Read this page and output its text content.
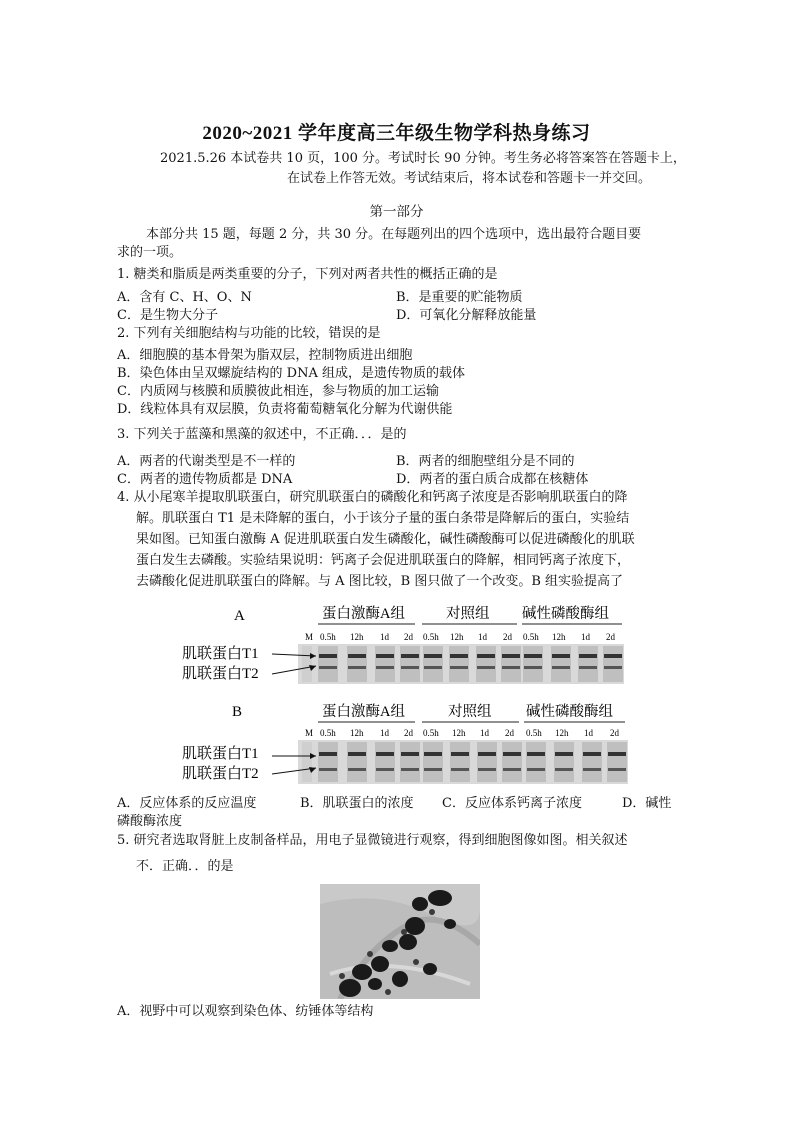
2020~2021 学年度高三年级生物学科热身练习
2021.5.26 本试卷共 10 页，100 分。考试时长 90 分钟。考生务必将答案答在答题卡上，
在试卷上作答无效。考试结束后，将本试卷和答题卡一并交回。
第一部分
本部分共 15 题，每题 2 分，共 30 分。在每题列出的四个选项中，选出最符合题目要
求的一项。
1. 糖类和脂质是两类重要的分子，下列对两者共性的概括正确的是
A．含有 C、H、O、N	B．是重要的贮能物质
C．是生物大分子	D．可氧化分解释放能量
2. 下列有关细胞结构与功能的比较，错误的是
A．细胞膜的基本骨架为脂双层，控制物质进出细胞
B．染色体由呈双螺旋结构的 DNA 组成，是遗传物质的载体
C．内质网与核膜和质膜彼此相连，参与物质的加工运输
D．线粒体具有双层膜，负责将葡萄糖氧化分解为代谢供能
3. 下列关于蓝藻和黑藻的叙述中，不正确．．．是的
A．两者的代谢类型是不一样的	B．两者的细胞壁组分是不同的
C．两者的遗传物质都是 DNA	D．两者的蛋白质合成都在核糖体
4. 从小尾寒羊提取肌联蛋白，研究肌联蛋白的磷酸化和钙离子浓度是否影响肌联蛋白的降
解。肌联蛋白 T1 是未降解的蛋白，小于该分子量的蛋白条带是降解后的蛋白，实验结
果如图。已知蛋白激酶 A 促进肌联蛋白发生磷酸化，碱性磷酸酶可以促进磷酸化的肌联
蛋白发生去磷酸。实验结果说明：钙离子会促进肌联蛋白的降解，相同钙离子浓度下，
去磷酸化促进肌联蛋白的降解。与 A 图比较，B 图只做了一个改变。B 组实验提高了
A	蛋白激酶A组	对照组 碱性磷酸酶组
M 0.5h 12h 1d 2d 0.5h 12h 1d 2d 0.5h 12h 1d 2d
肌联蛋白T1
肌联蛋白T2
B	蛋白激酶A组	对照组 碱性磷酸酶组
M 0.5h 12h 1d 2d 0.5h 12h 1d 2d 0.5h 12h 1d 2d
肌联蛋白T1
肌联蛋白T2
A．反应体系的反应温度	B．肌联蛋白的浓度 C．反应体系钙离子浓度	D．碱性
磷酸酶浓度
5. 研究者选取肾脏上皮制备样品，用电子显微镜进行观察，得到细胞图像如图。相关叙述
不．正确．．的是
A．视野中可以观察到染色体、纺锤体等结构
